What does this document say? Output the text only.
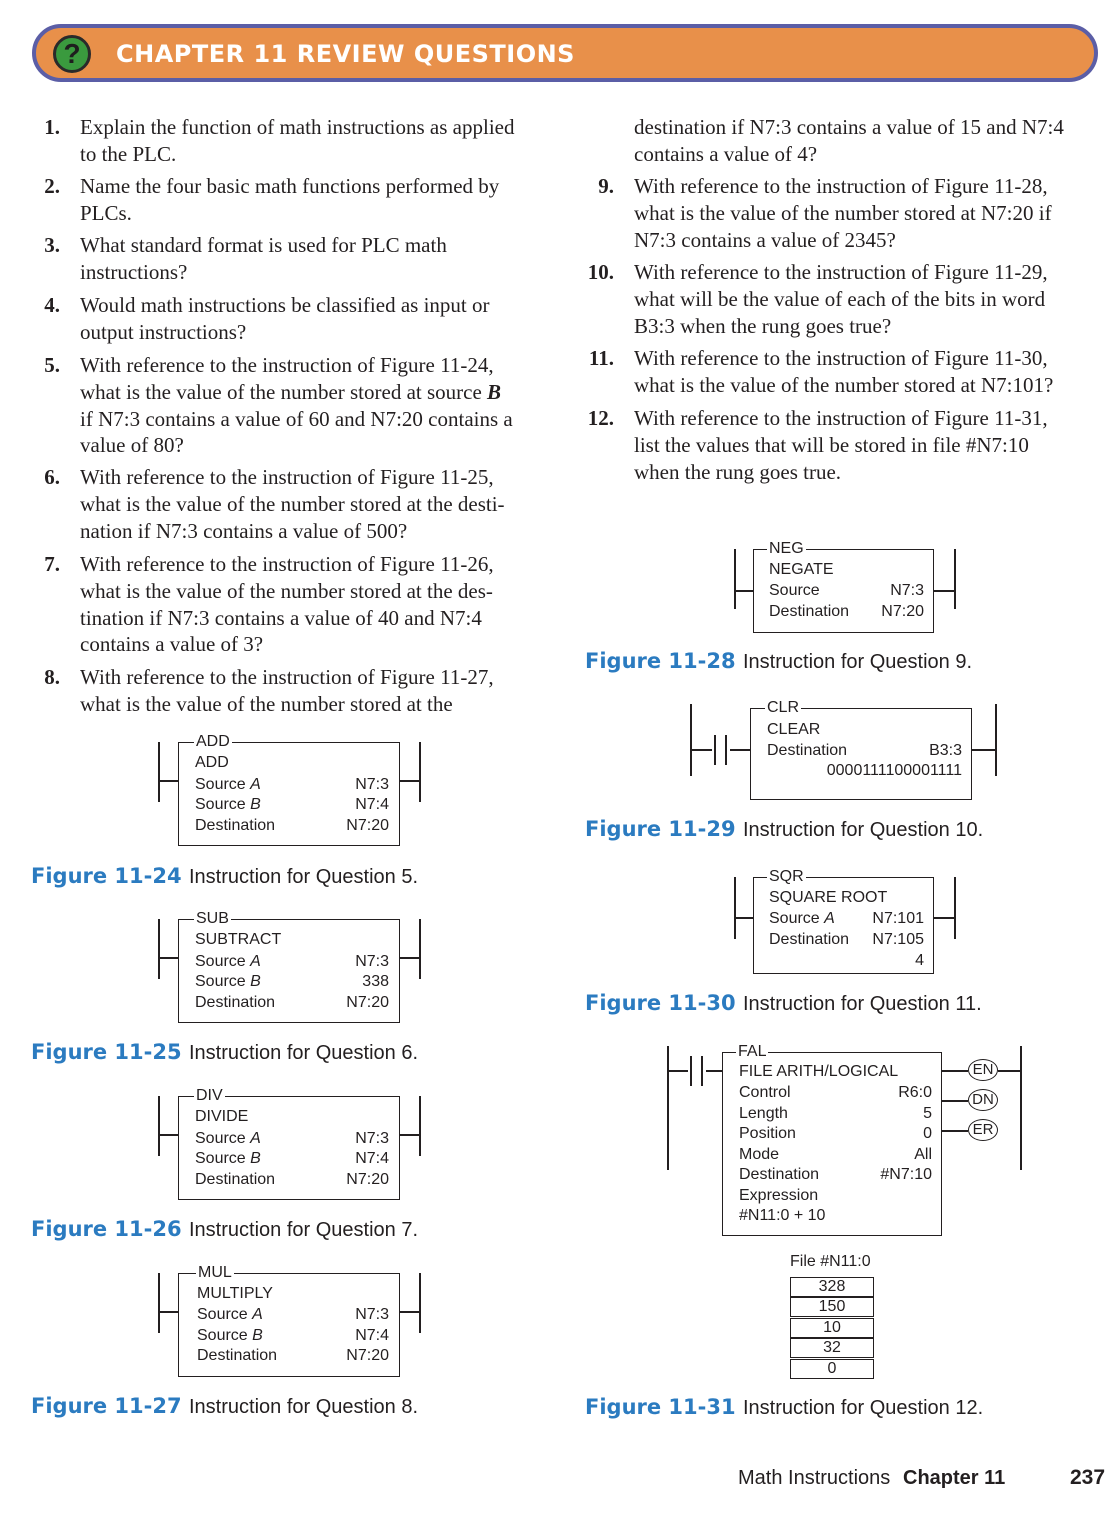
?	CHAPTER 11 REVIEW QUESTIONS
1. Explain the function of math instructions as applied
to the PLC.
2. Name the four basic math functions performed by
PLCs.
3. What standard format is used for PLC math
instructions?
4. Would math instructions be classified as input or
output instructions?
5. With reference to the instruction of Figure 11-24,
what is the value of the number stored at source B
if N7:3 contains a value of 60 and N7:20 contains a
value of 80?
6. With reference to the instruction of Figure 11-25,
what is the value of the number stored at the desti-
nation if N7:3 contains a value of 500?
7. With reference to the instruction of Figure 11-26,
what is the value of the number stored at the des-
tination if N7:3 contains a value of 40 and N7:4
contains a value of 3?
8. With reference to the instruction of Figure 11-27,
what is the value of the number stored at the
destination if N7:3 contains a value of 15 and N7:4
contains a value of 4?
9. With reference to the instruction of Figure 11-28,
what is the value of the number stored at N7:20 if
N7:3 contains a value of 2345?
10. With reference to the instruction of Figure 11-29,
what will be the value of each of the bits in word
B3:3 when the rung goes true?
11. With reference to the instruction of Figure 11-30,
what is the value of the number stored at N7:101?
12. With reference to the instruction of Figure 11-31,
list the values that will be stored in file #N7:10
when the rung goes true.
ADD
Source A	N7:3
Source B	N7:4
Destination	N7:20
ADD
Figure 11-24 Instruction for Question 5.
SUBTRACT
Source A	N7:3
Source B	338
Destination	N7:20
SUB
Figure 11-25 Instruction for Question 6.
DIVIDE
Source A	N7:3
Source B	N7:4
Destination	N7:20
DIV
Figure 11-26 Instruction for Question 7.
MULTIPLY
Source A	N7:3
Source B	N7:4
Destination	N7:20
MUL
Figure 11-27 Instruction for Question 8.
NEGATE
Source	N7:3
Destination N7:20
NEG
Figure 11-28 Instruction for Question 9.
CLEAR
Destination	B3:3
0000111100001111
CLR
Figure 11-29 Instruction for Question 10.
SQUARE ROOT
Source A N7:101
Destination N7:105
4
SQR
Figure 11-30 Instruction for Question 11.
FILE ARITH/LOGICAL
Control	R6:0
Length	5
Position	0
Mode	All
Destination	#N7:10
Expression
#N11:0 + 10
FAL
EN
DN
ER
File #N11:0
328
150
10
32
0
Figure 11-31 Instruction for Question 12.
Math Instructions Chapter 11	237
